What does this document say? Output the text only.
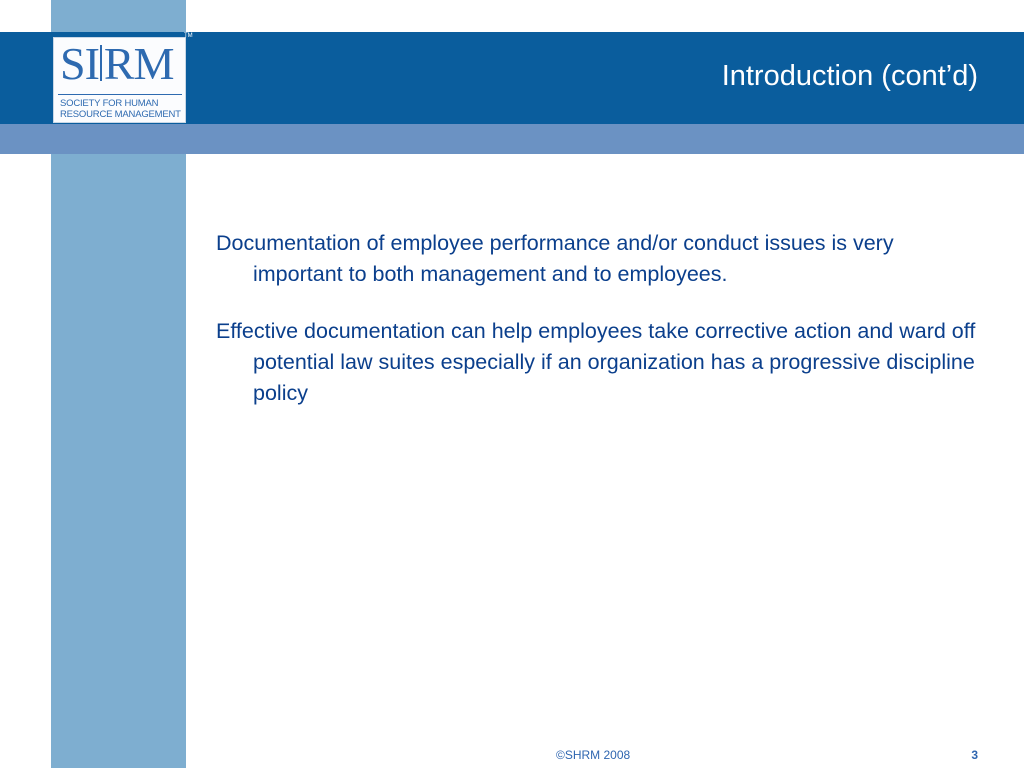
SI RM
SOCIETY FOR HUMAN RESOURCE MANAGEMENT
TM
Introduction (cont’d)

Documentation of employee performance and/or conduct issues is very important to both management and to employees.

Effective documentation can help employees take corrective action and ward off potential law suites especially if an organization has a progressive discipline policy

©SHRM 2008	3
